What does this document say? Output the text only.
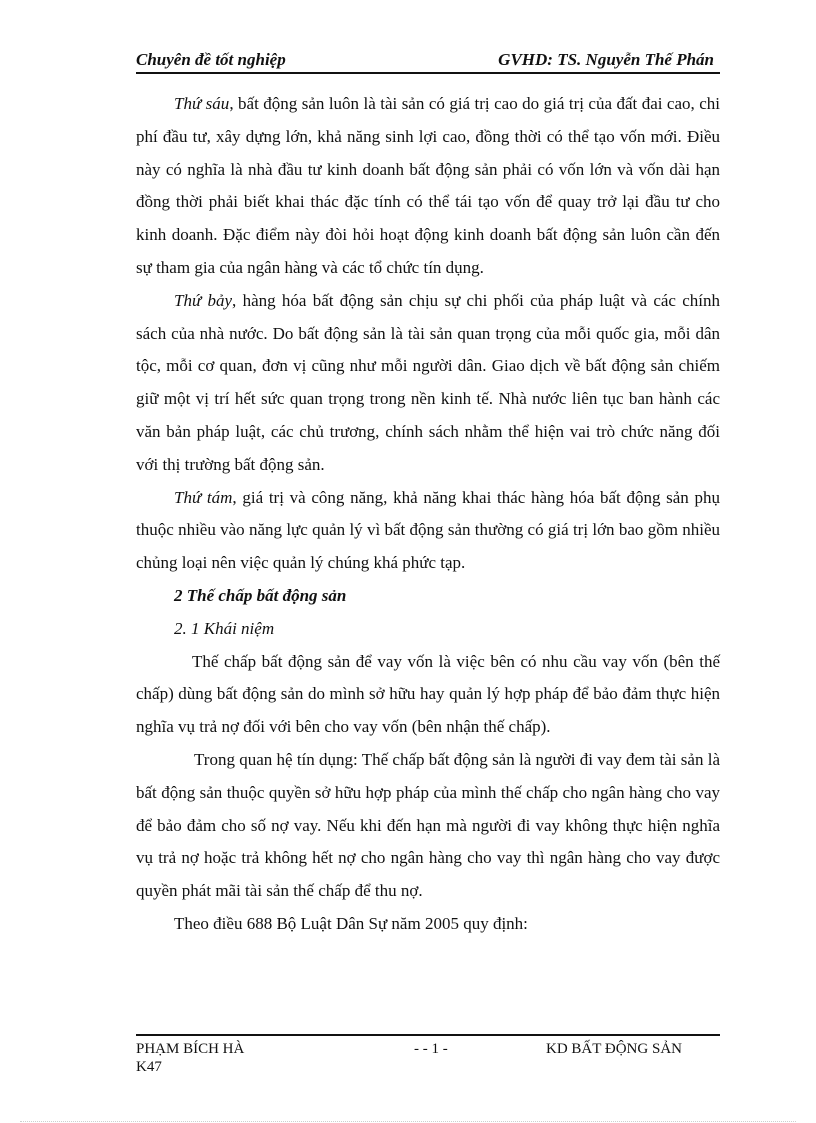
Chuyên đề tốt nghiệp	GVHD: TS. Nguyễn Thế Phán

Thứ sáu, bất động sản luôn là tài sản có giá trị cao do giá trị của đất đai cao, chi phí đầu tư, xây dựng lớn, khả năng sinh lợi cao, đồng thời có thể tạo vốn mới. Điều này có nghĩa là nhà đầu tư kinh doanh bất động sản phải có vốn lớn và vốn dài hạn đồng thời phải biết khai thác đặc tính có thể tái tạo vốn để quay trở lại đầu tư cho kinh doanh. Đặc điểm này đòi hỏi hoạt động kinh doanh bất động sản luôn cần đến sự tham gia của ngân hàng và các tổ chức tín dụng.

Thứ bảy, hàng hóa bất động sản chịu sự chi phối của pháp luật và các chính sách của nhà nước. Do bất động sản là tài sản quan trọng của mỗi quốc gia, mỗi dân tộc, mỗi cơ quan, đơn vị cũng như mỗi người dân. Giao dịch về bất động sản chiếm giữ một vị trí hết sức quan trọng trong nền kinh tế. Nhà nước liên tục ban hành các văn bản pháp luật, các chủ trương, chính sách nhằm thể hiện vai trò chức năng đối với thị trường bất động sản.

Thứ tám, giá trị và công năng, khả năng khai thác hàng hóa bất động sản phụ thuộc nhiều vào năng lực quản lý vì bất động sản thường có giá trị lớn bao gồm nhiều chủng loại nên việc quản lý chúng khá phức tạp.

2 Thế chấp bất động sản

2. 1 Khái niệm

Thế chấp bất động sản để vay vốn là việc bên có nhu cầu vay vốn (bên thế chấp) dùng bất động sản do mình sở hữu hay quản lý hợp pháp để bảo đảm thực hiện nghĩa vụ trả nợ đối với bên cho vay vốn (bên nhận thế chấp).

Trong quan hệ tín dụng: Thế chấp bất động sản là người đi vay đem tài sản là bất động sản thuộc quyền sở hữu hợp pháp của mình thế chấp cho ngân hàng cho vay để bảo đảm cho số nợ vay. Nếu khi đến hạn mà người đi vay không thực hiện nghĩa vụ trả nợ hoặc trả không hết nợ cho ngân hàng cho vay thì ngân hàng cho vay được quyền phát mãi tài sản thế chấp để thu nợ.

Theo điều 688 Bộ Luật Dân Sự năm 2005 quy định:

PHẠM BÍCH HÀ	- - 1 -	KD BẤT ĐỘNG SẢN
K47
